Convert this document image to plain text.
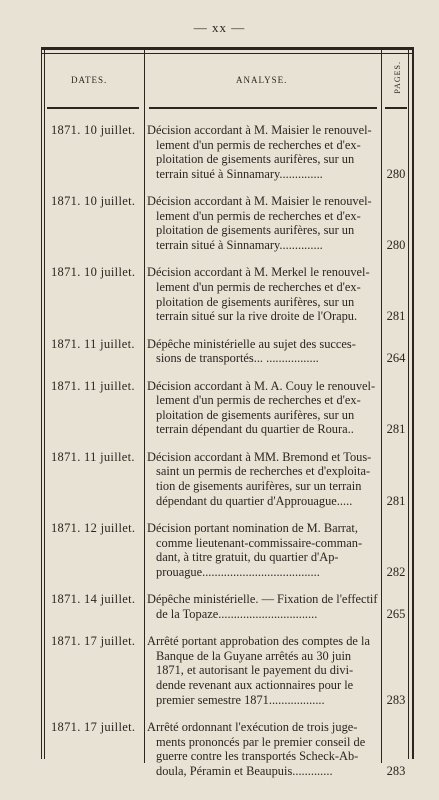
— xx —
DATES.	ANALYSE.	PAGES.
1871. 10 juillet. Décision accordant à M. Maisier le renouvel-
lement d'un permis de recherches et d'ex-
ploitation de gisements aurifères, sur un
terrain situé à Sinnamary..............	280
1871. 10 juillet. Décision accordant à M. Maisier le renouvel-
lement d'un permis de recherches et d'ex-
ploitation de gisements aurifères, sur un
terrain situé à Sinnamary..............	280
1871. 10 juillet. Décision accordant à M. Merkel le renouvel-
lement d'un permis de recherches et d'ex-
ploitation de gisements aurifères, sur un
terrain situé sur la rive droite de l'Orapu.	281
1871. 11 juillet. Dépêche ministérielle au sujet des succes-
sions de transportés... .................	264
1871. 11 juillet. Décision accordant à M. A. Couy le renouvel-
lement d'un permis de recherches et d'ex-
ploitation de gisements aurifères, sur un
terrain dépendant du quartier de Roura..	281
1871. 11 juillet. Décision accordant à MM. Bremond et Tous-
saint un permis de recherches et d'exploita-
tion de gisements aurifères, sur un terrain
dépendant du quartier d'Approuague.....	281
1871. 12 juillet. Décision portant nomination de M. Barrat,
comme lieutenant-commissaire-comman-
dant, à titre gratuit, du quartier d'Ap-
prouague......................................	282
1871. 14 juillet. Dépêche ministérielle. — Fixation de l'effectif
de la Topaze................................	265
1871. 17 juillet. Arrêté portant approbation des comptes de la
Banque de la Guyane arrêtés au 30 juin
1871, et autorisant le payement du divi-
dende revenant aux actionnaires pour le
premier semestre 1871..................	283
1871. 17 juillet. Arrêté ordonnant l'exécution de trois juge-
ments prononcés par le premier conseil de
guerre contre les transportés Scheck-Ab-
doula, Péramin et Beaupuis.............	283
